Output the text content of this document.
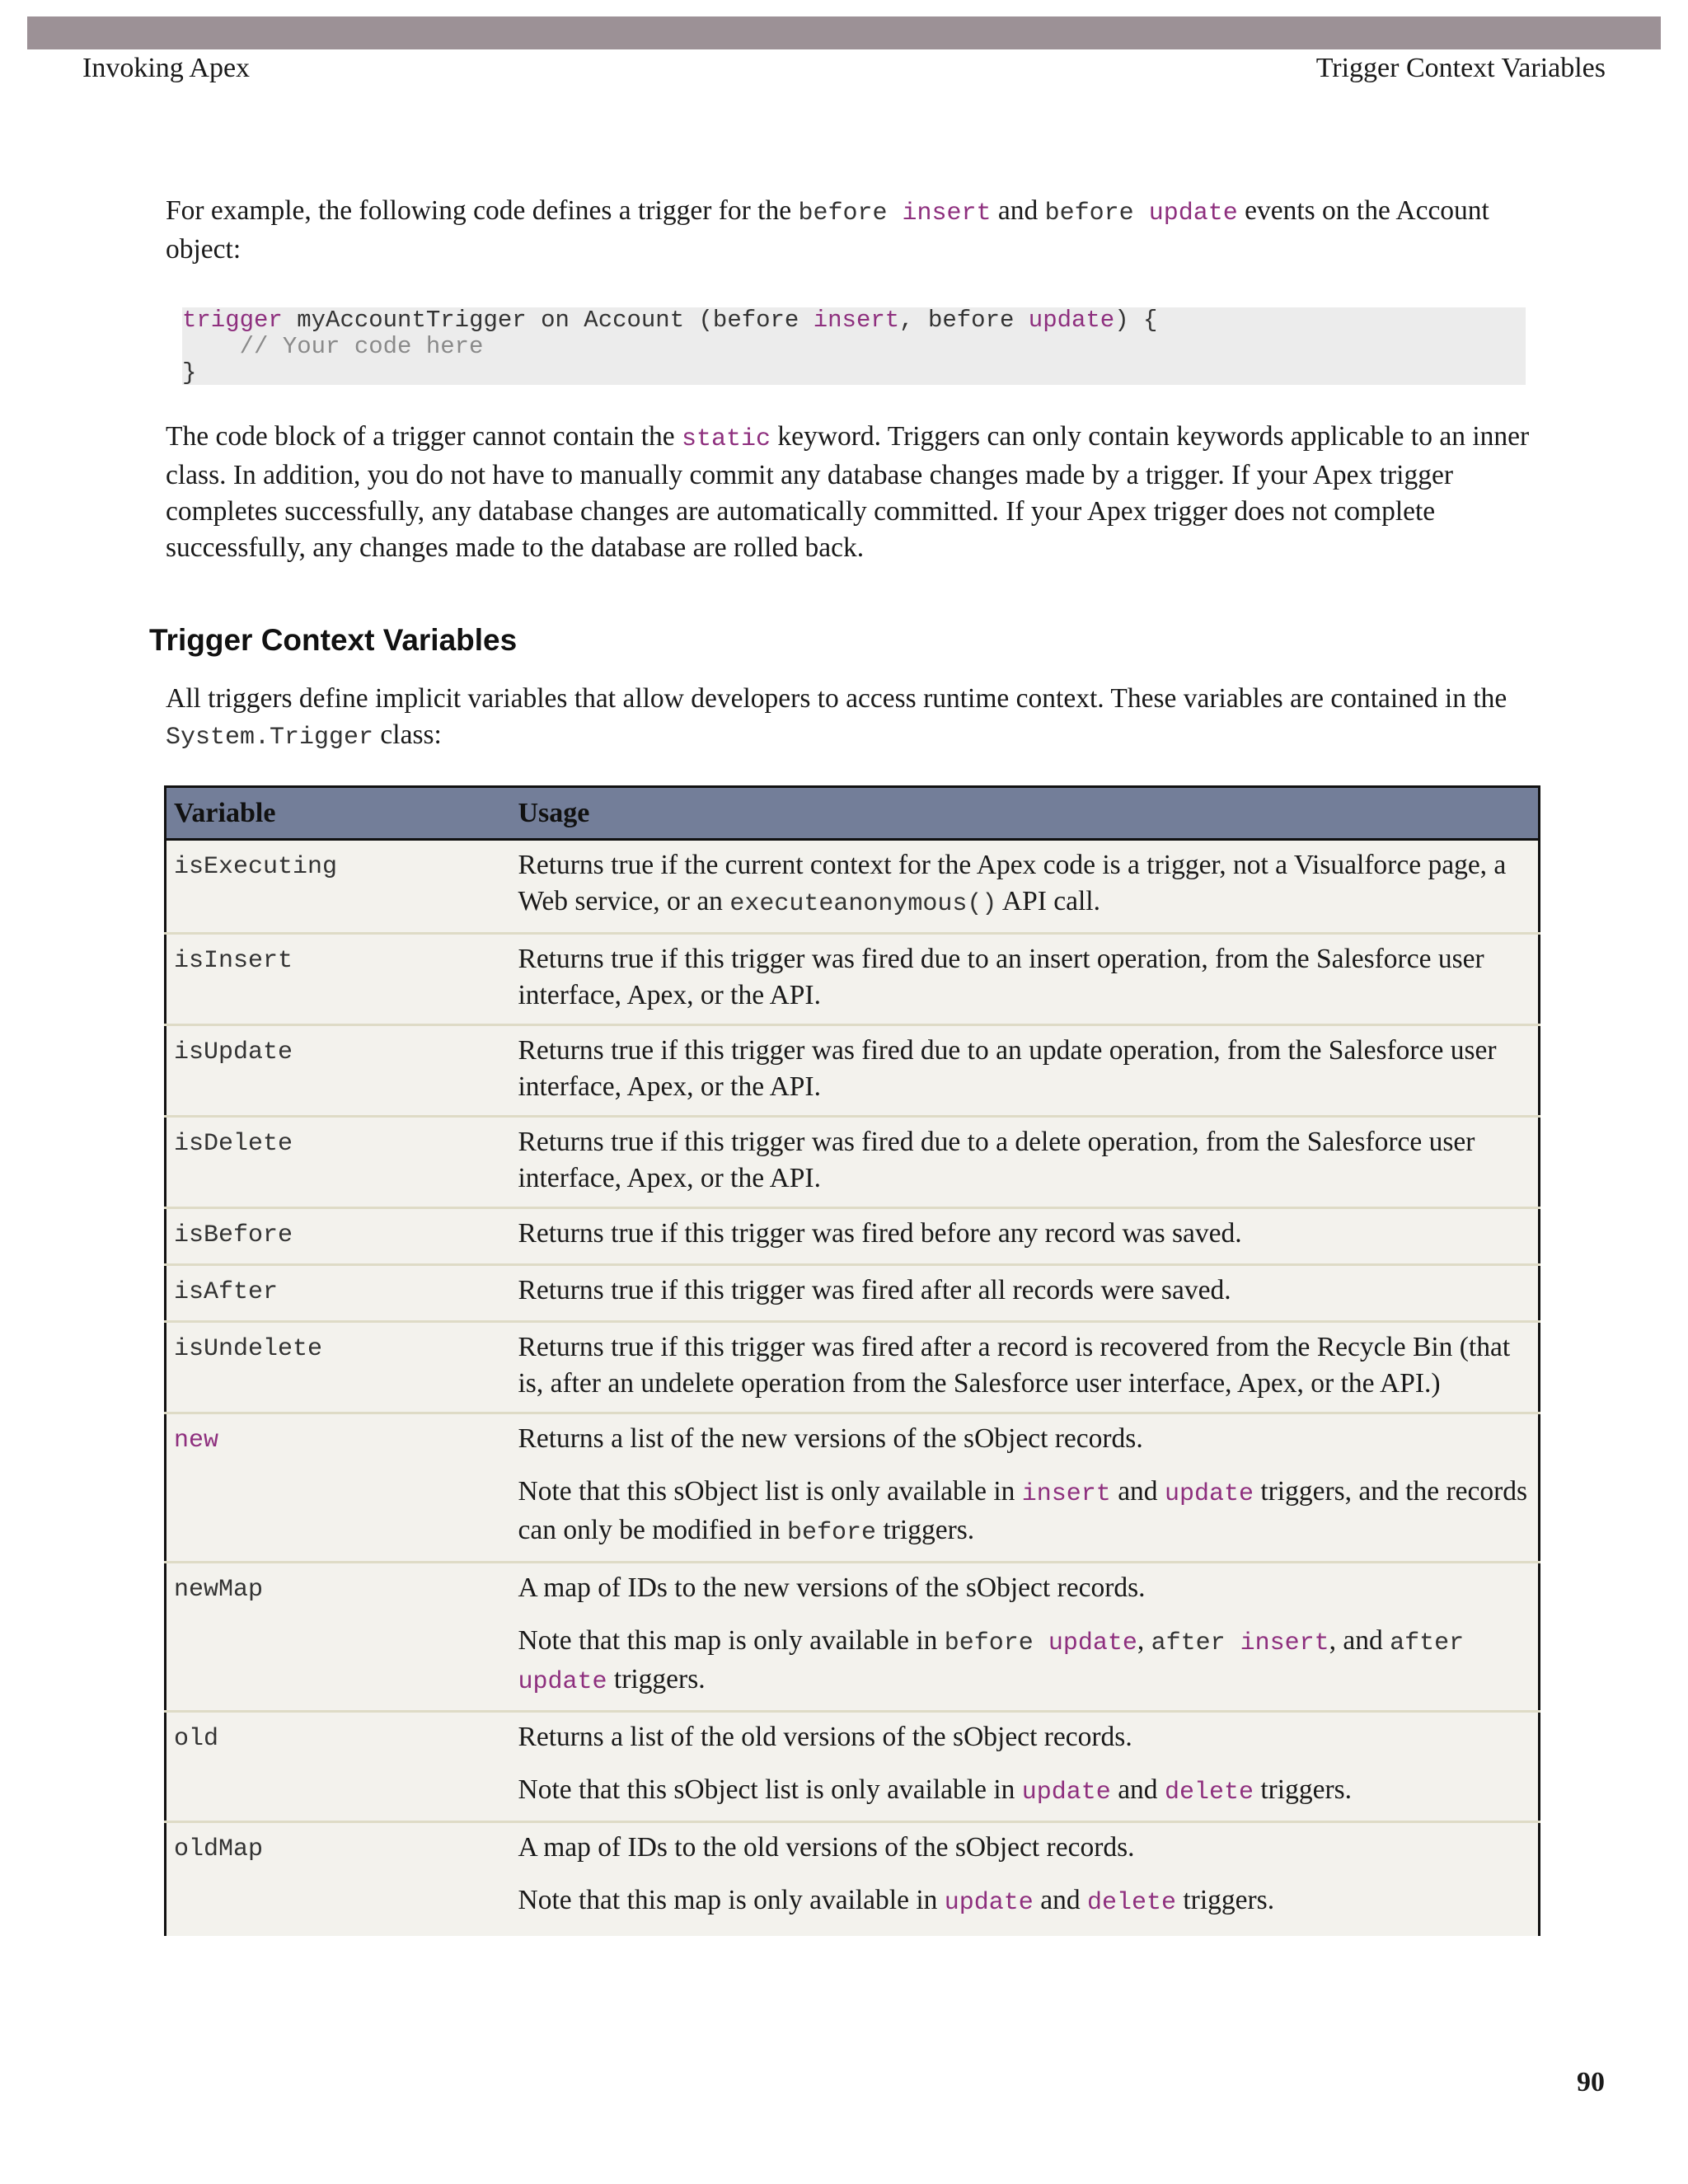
Invoking Apex	Trigger Context Variables
For example, the following code defines a trigger for the before insert and before update events on the Account object:
trigger myAccountTrigger on Account (before insert, before update) {
// Your code here
}
The code block of a trigger cannot contain the static keyword. Triggers can only contain keywords applicable to an inner class. In addition, you do not have to manually commit any database changes made by a trigger. If your Apex trigger completes successfully, any database changes are automatically committed. If your Apex trigger does not complete successfully, any changes made to the database are rolled back.
Trigger Context Variables
All triggers define implicit variables that allow developers to access runtime context. These variables are contained in the System.Trigger class:
Variable	Usage
isExecuting	Returns true if the current context for the Apex code is a trigger, not a Visualforce page, a Web service, or an executeanonymous() API call.
isInsert	Returns true if this trigger was fired due to an insert operation, from the Salesforce user interface, Apex, or the API.
isUpdate	Returns true if this trigger was fired due to an update operation, from the Salesforce user interface, Apex, or the API.
isDelete	Returns true if this trigger was fired due to a delete operation, from the Salesforce user interface, Apex, or the API.
isBefore	Returns true if this trigger was fired before any record was saved.
isAfter	Returns true if this trigger was fired after all records were saved.
isUndelete	Returns true if this trigger was fired after a record is recovered from the Recycle Bin (that is, after an undelete operation from the Salesforce user interface, Apex, or the API.)
new	Returns a list of the new versions of the sObject records.
Note that this sObject list is only available in insert and update triggers, and the records can only be modified in before triggers.

newMap	A map of IDs to the new versions of the sObject records.
Note that this map is only available in before update, after insert, and after update triggers.

old	Returns a list of the old versions of the sObject records.
Note that this sObject list is only available in update and delete triggers.

oldMap	A map of IDs to the old versions of the sObject records.
Note that this map is only available in update and delete triggers.
90
